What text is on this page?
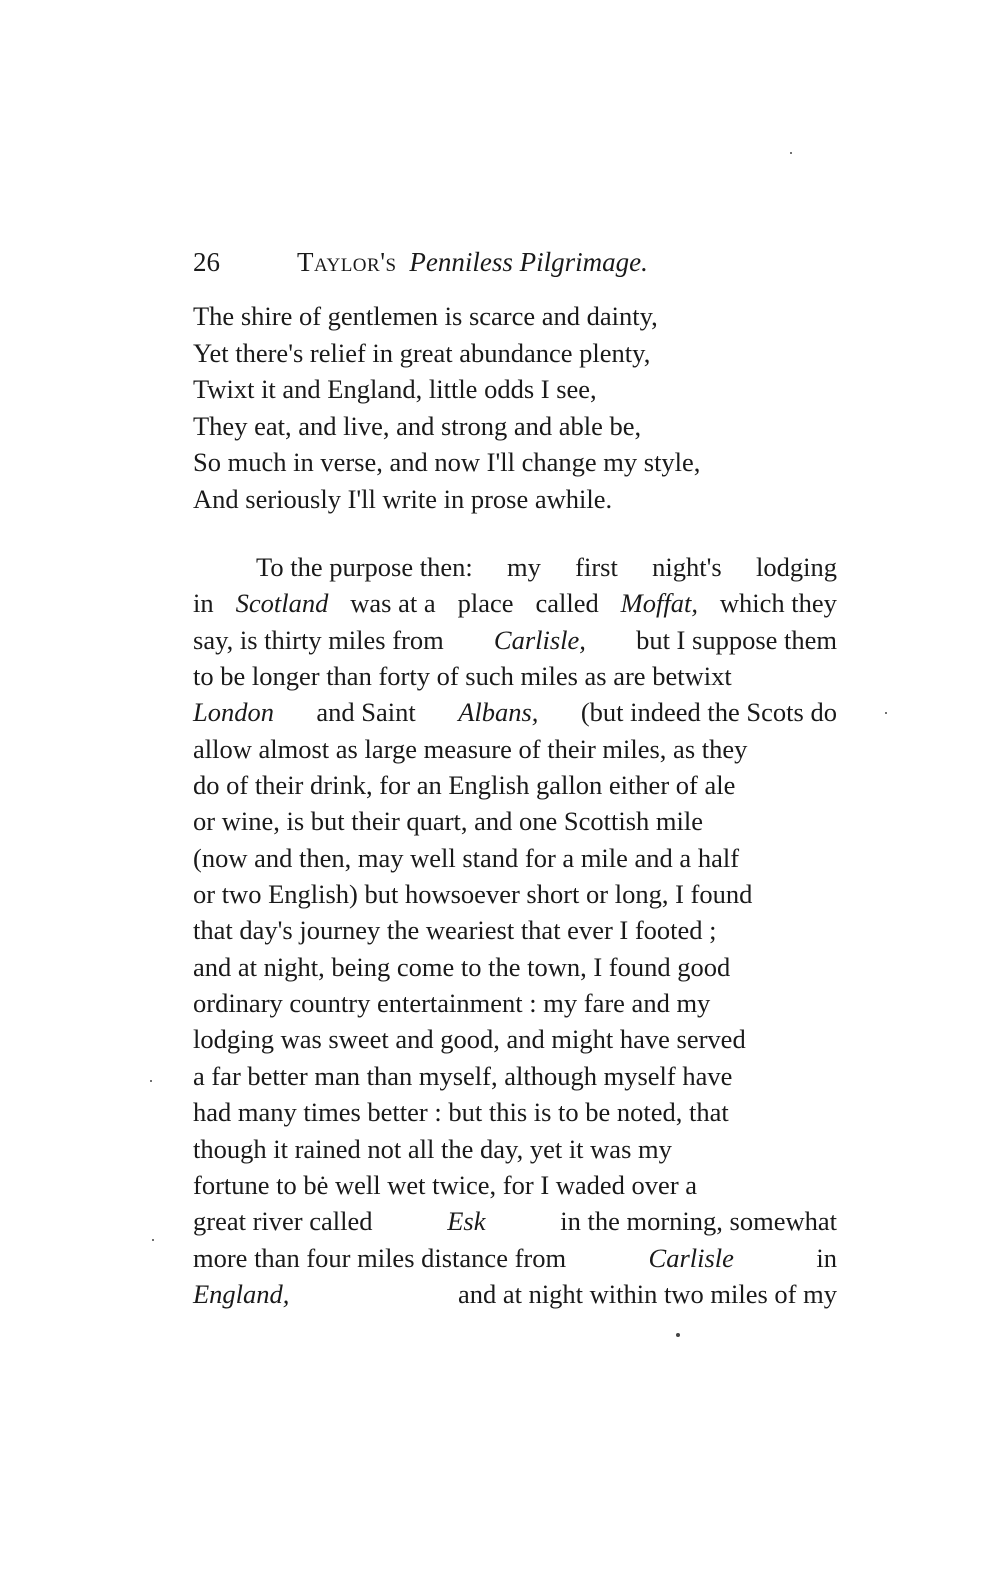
26	Taylor's Penniless Pilgrimage.
The shire of gentlemen is scarce and dainty,
Yet there's relief in great abundance plenty,
Twixt it and England, little odds I see,
They eat, and live, and strong and able be,
So much in verse, and now I'll change my style,
And seriously I'll write in prose awhile.
To the purpose then: my first night's lodging
in Scotland was at a place called Moffat, which they
say, is thirty miles from Carlisle, but I suppose them
to be longer than forty of such miles as are betwixt
London and Saint Albans, (but indeed the Scots do
allow almost as large measure of their miles, as they
do of their drink, for an English gallon either of ale
or wine, is but their quart, and one Scottish mile
(now and then, may well stand for a mile and a half
or two English) but howsoever short or long, I found
that day's journey the weariest that ever I footed ;
and at night, being come to the town, I found good
ordinary country entertainment : my fare and my
lodging was sweet and good, and might have served
a far better man than myself, although myself have
had many times better : but this is to be noted, that
though it rained not all the day, yet it was my
fortune to bė well wet twice, for I waded over a
great river called	Esk	in the morning, somewhat
more than four miles distance from	Carlisle	in
England,	and at night within two miles of my
